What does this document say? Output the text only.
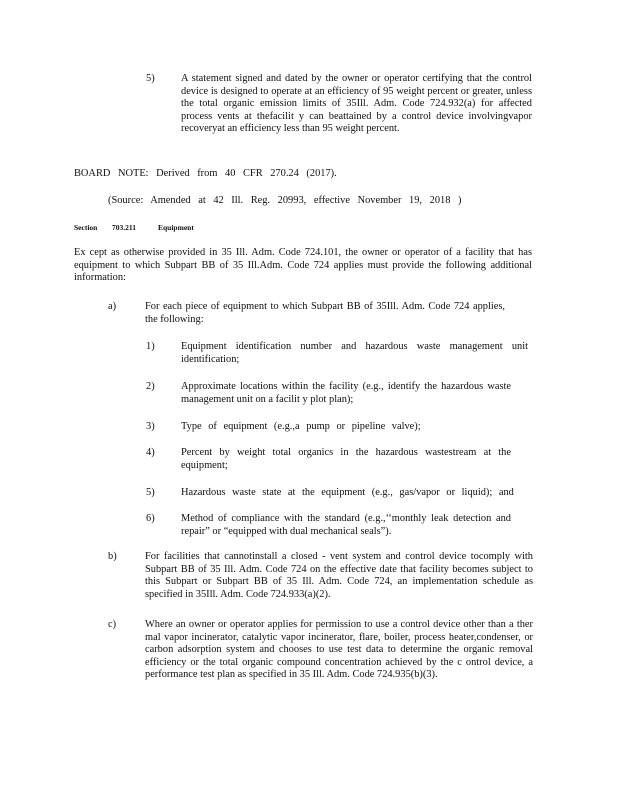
5)	A statement signed and dated by the owner or operator certifying that the control device is designed to operate at an efficiency of 95 weight percent or greater, unless the total organic emission limits of 35Ill. Adm. Code 724.932(a) for affected process vents at thefacilit y can beattained by a control device involvingvapor recoveryat an efficiency less than 95 weight percent.

BOARD NOTE: Derived from 40 CFR 270.24 (2017).

(Source: Amended at 42 Ill. Reg. 20993, effective November 19, 2018 )

Section 703.211	Equipment

Ex cept as otherwise provided in 35 Ill. Adm. Code 724.101, the owner or operator of a facility that has equipment to which Subpart BB of 35 Ill.Adm. Code 724 applies must provide the following additional information:

a)	For each piece of equipment to which Subpart BB of 35Ill. Adm. Code 724 applies, the following:

1)	Equipment identification number and hazardous waste management unit identification;

2)	Approximate locations within the facility (e.g., identify the hazardous waste management unit on a facilit y plot plan);

3)	Type of equipment (e.g.,a pump or pipeline valve);

4)	Percent by weight total organics in the hazardous wastestream at the equipment;

5)	Hazardous waste state at the equipment (e.g., gas/vapor or liquid); and

6)	Method of compliance with the standard (e.g.,‘‘monthly leak detection and repair” or “equipped with dual mechanical seals”).

b)	For facilities that cannotinstall a closed - vent system and control device tocomply with Subpart BB of 35 Ill. Adm. Code 724 on the effective date that facility becomes subject to this Subpart or Subpart BB of 35 Ill. Adm. Code 724, an implementation schedule as specified in 35Ill. Adm. Code 724.933(a)(2).

c)	Where an owner or operator applies for permission to use a control device other than a ther mal vapor incinerator, catalytic vapor incinerator, flare, boiler, process heater,condenser, or carbon adsorption system and chooses to use test data to determine the organic removal efficiency or the total organic compound concentration achieved by the c ontrol device, a performance test plan as specified in 35 Ill. Adm. Code 724.935(b)(3).
